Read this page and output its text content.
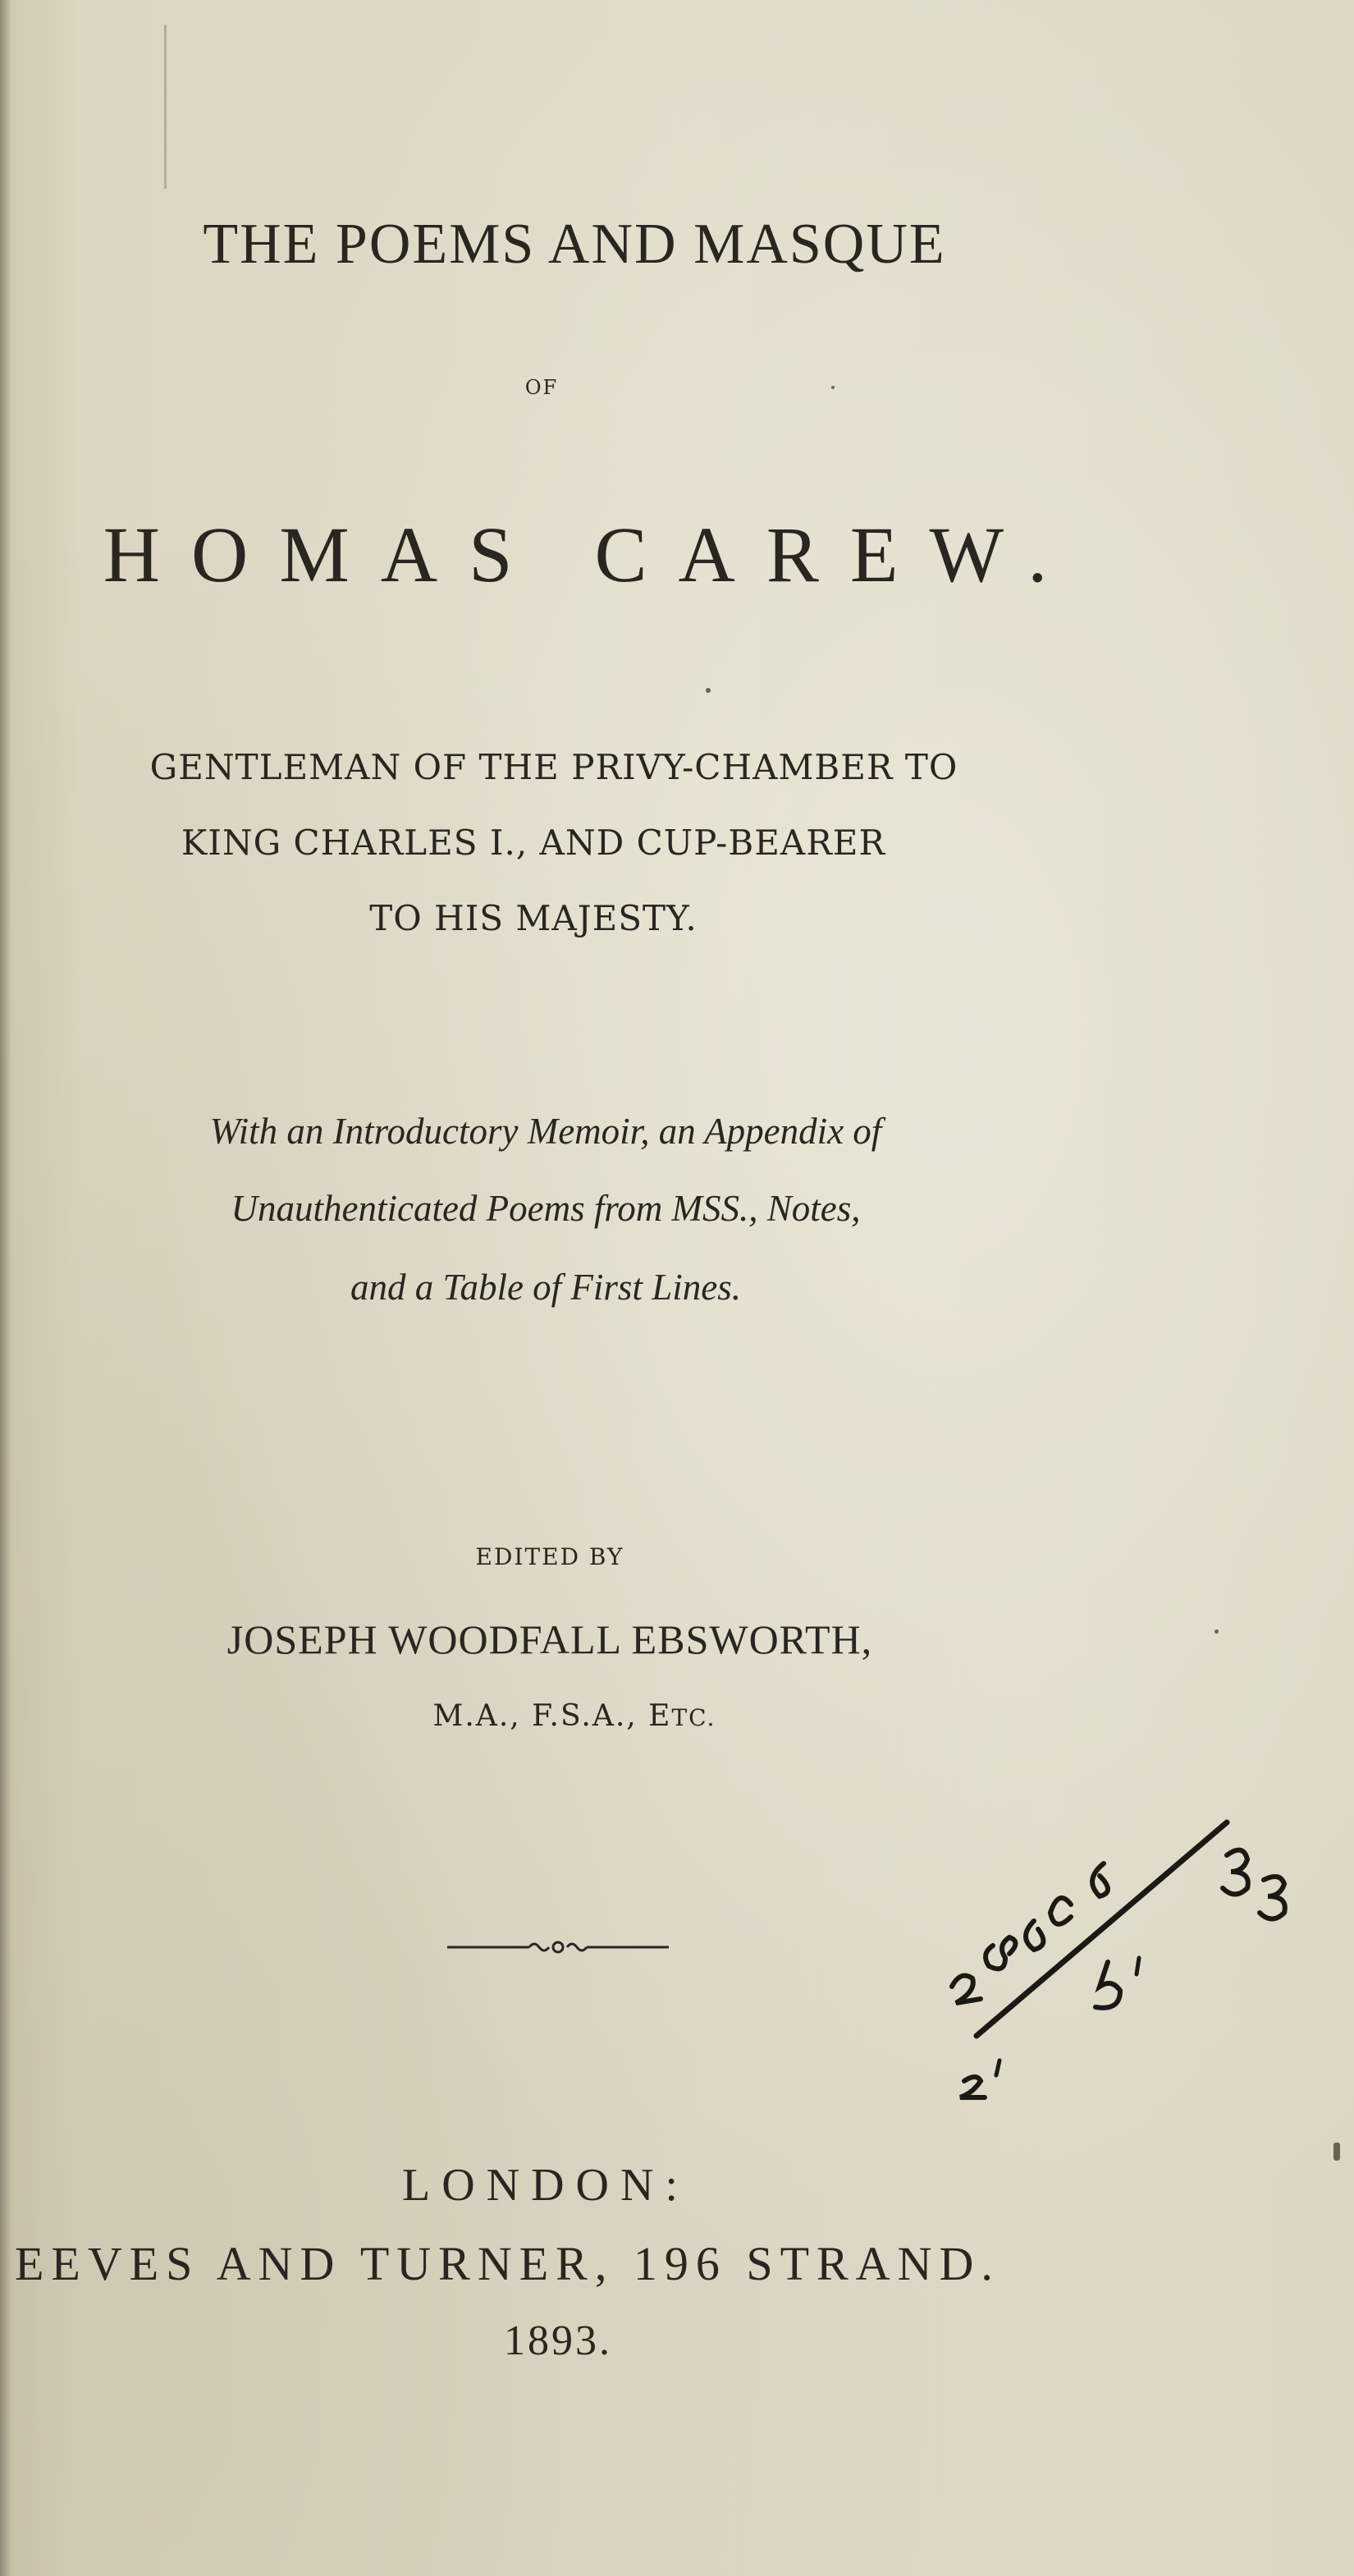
THE POEMS AND MASQUE

OF

HOMAS CAREW.

GENTLEMAN OF THE PRIVY-CHAMBER TO

KING CHARLES I., AND CUP-BEARER

TO HIS MAJESTY.

With an Introductory Memoir, an Appendix of

Unauthenticated Poems from MSS., Notes,

and a Table of First Lines.

EDITED BY

JOSEPH WOODFALL EBSWORTH,

M.A., F.S.A., ETC.

LONDON:

EEVES AND TURNER, 196 STRAND.

1893.
